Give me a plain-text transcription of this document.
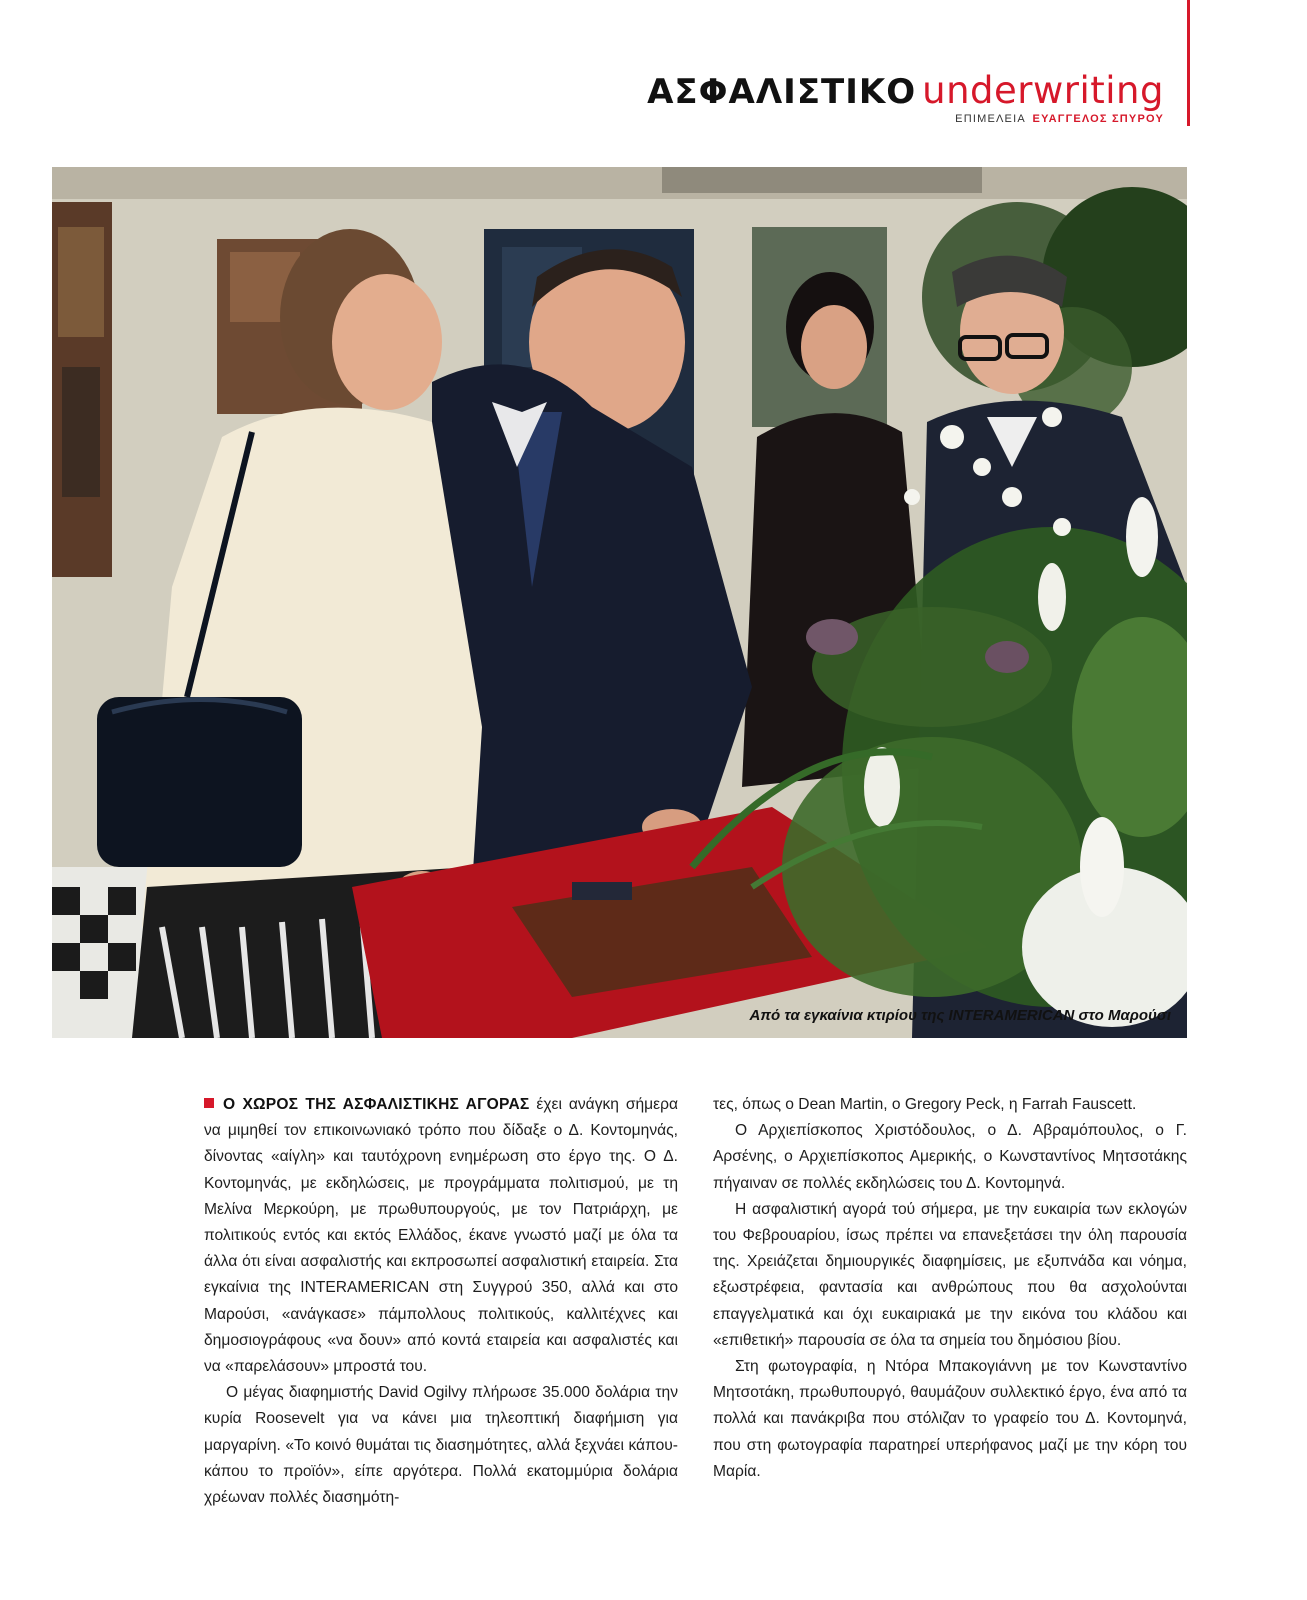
ΑΣΦΑΛΙΣΤΙΚΟ underwriting
ΕΠΙΜΕΛΕΙΑ ΕΥΑΓΓΕΛΟΣ ΣΠΥΡΟΥ
Από τα εγκαίνια κτιρίου της INTERAMERICAN στο Μαρούσι

Ο ΧΩΡΟΣ ΤΗΣ ΑΣΦΑΛΙΣΤΙΚΗΣ ΑΓΟΡΑΣ έχει ανάγκη σήμερα να μιμηθεί τον επικοινωνιακό τρόπο που δίδαξε ο Δ. Κοντομηνάς, δίνοντας «αίγλη» και ταυτόχρονη ενημέρωση στο έργο της. Ο Δ. Κοντομηνάς, με εκδηλώσεις, με προγράμματα πολιτισμού, με τη Μελίνα Μερκούρη, με πρωθυπουργούς, με τον Πατριάρχη, με πολιτικούς εντός και εκτός Ελλάδος, έκανε γνωστό μαζί με όλα τα άλλα ότι είναι ασφαλιστής και εκπροσωπεί ασφαλιστική εταιρεία. Στα εγκαίνια της INTERAMERICAN στη Συγγρού 350, αλλά και στο Μαρούσι, «ανάγκασε» πάμπολλους πολιτικούς, καλλιτέχνες και δημοσιογράφους «να δουν» από κοντά εταιρεία και ασφαλιστές και να «παρελάσουν» μπροστά του.

Ο μέγας διαφημιστής David Ogilvy πλήρωσε 35.000 δολάρια την κυρία Roosevelt για να κάνει μια τηλεοπτική διαφήμιση για μαργαρίνη. «Το κοινό θυμάται τις διασημότητες, αλλά ξεχνάει κάπου-κάπου το προϊόν», είπε αργότερα. Πολλά εκατομμύρια δολάρια χρέωναν πολλές διασημότη-

τες, όπως ο Dean Martin, ο Gregory Peck, η Farrah Fauscett.

Ο Αρχιεπίσκοπος Χριστόδουλος, ο Δ. Αβραμόπουλος, ο Γ. Αρσένης, ο Αρχιεπίσκοπος Αμερικής, ο Κωνσταντίνος Μητσοτάκης πήγαιναν σε πολλές εκδηλώσεις του Δ. Κοντομηνά.

Η ασφαλιστική αγορά τού σήμερα, με την ευκαιρία των εκλογών του Φεβρουαρίου, ίσως πρέπει να επανεξετάσει την όλη παρουσία της. Χρειάζεται δημιουργικές διαφημίσεις, με εξυπνάδα και νόημα, εξωστρέφεια, φαντασία και ανθρώπους που θα ασχολούνται επαγγελματικά και όχι ευκαιριακά με την εικόνα του κλάδου και «επιθετική» παρουσία σε όλα τα σημεία του δημόσιου βίου.

Στη φωτογραφία, η Ντόρα Μπακογιάννη με τον Κωνσταντίνο Μητσοτάκη, πρωθυπουργό, θαυμάζουν συλλεκτικό έργο, ένα από τα πολλά και πανάκριβα που στόλιζαν το γραφείο του Δ. Κοντομηνά, που στη φωτογραφία παρατηρεί υπερήφανος μαζί με την κόρη του Μαρία.
